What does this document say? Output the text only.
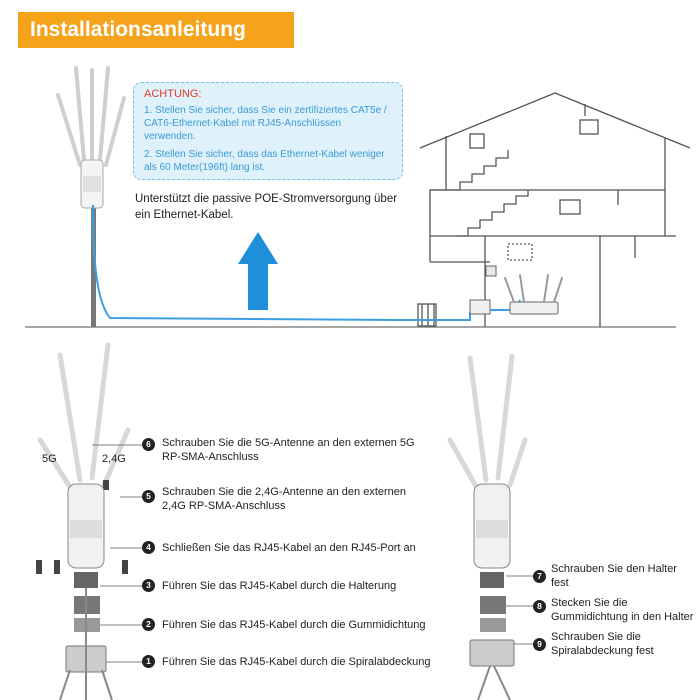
Installationsanleitung

ACHTUNG:

1. Stellen Sie sicher, dass Sie ein zertifiziertes CAT5e / CAT6-Ethernet-Kabel mit RJ45-Anschlüssen verwenden.

2. Stellen Sie sicher, dass das Ethernet-Kabel weniger als 60 Meter(196ft) lang ist.

Unterstützt die passive POE-Stromversorgung über ein Ethernet-Kabel.
5G	2,4G
6	Schrauben Sie die 5G-Antenne an den externen 5G RP-SMA-Anschluss
5	Schrauben Sie die 2,4G-Antenne an den externen 2,4G RP-SMA-Anschluss
4	Schließen Sie das RJ45-Kabel an den RJ45-Port an
3	Führen Sie das RJ45-Kabel durch die Halterung
2	Führen Sie das RJ45-Kabel durch die Gummidichtung
1	Führen Sie das RJ45-Kabel durch die Spiralabdeckung
7
Schrauben Sie den Halter fest
8 Stecken Sie die Gummidichtung in den Halter
9
Schrauben Sie die Spiralabdeckung fest
